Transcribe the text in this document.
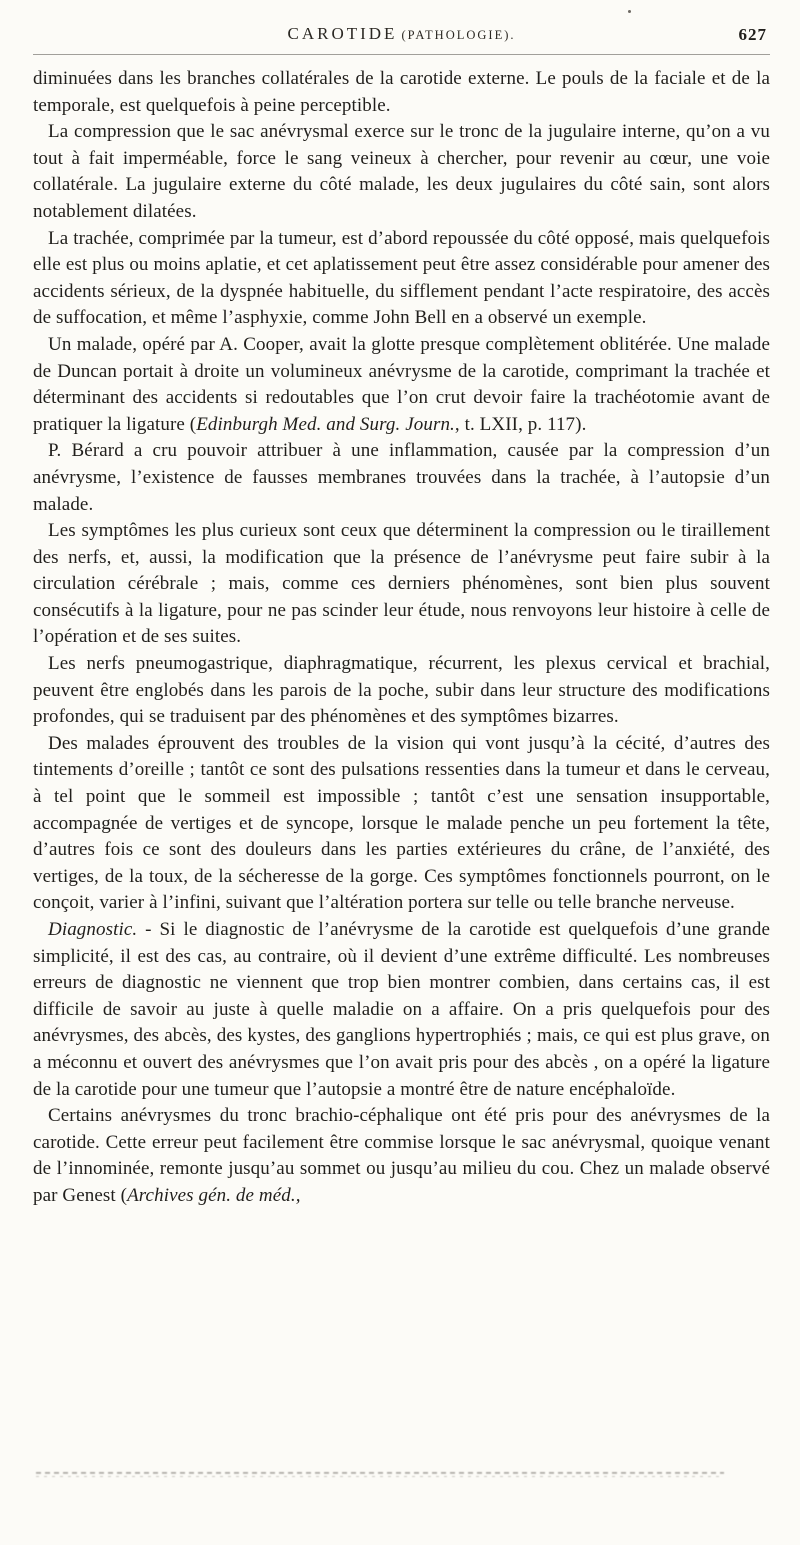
CAROTIDE (PATHOLOGIE).	627

diminuées dans les branches collatérales de la carotide externe. Le pouls de la faciale et de la temporale, est quelquefois à peine perceptible.

La compression que le sac anévrysmal exerce sur le tronc de la jugulaire interne, qu’on a vu tout à fait imperméable, force le sang veineux à chercher, pour revenir au cœur, une voie collatérale. La jugulaire externe du côté malade, les deux jugulaires du côté sain, sont alors notablement dilatées.

La trachée, comprimée par la tumeur, est d’abord repoussée du côté opposé, mais quelquefois elle est plus ou moins aplatie, et cet aplatissement peut être assez considérable pour amener des accidents sérieux, de la dyspnée habituelle, du sifflement pendant l’acte respiratoire, des accès de suffocation, et même l’asphyxie, comme John Bell en a observé un exemple.

Un malade, opéré par A. Cooper, avait la glotte presque complètement oblitérée. Une malade de Duncan portait à droite un volumineux anévrysme de la carotide, comprimant la trachée et déterminant des accidents si redoutables que l’on crut devoir faire la trachéotomie avant de pratiquer la ligature (Edinburgh Med. and Surg. Journ., t. LXII, p. 117).

P. Bérard a cru pouvoir attribuer à une inflammation, causée par la compression d’un anévrysme, l’existence de fausses membranes trouvées dans la trachée, à l’autopsie d’un malade.

Les symptômes les plus curieux sont ceux que déterminent la compression ou le tiraillement des nerfs, et, aussi, la modification que la présence de l’anévrysme peut faire subir à la circulation cérébrale ; mais, comme ces derniers phénomènes, sont bien plus souvent consécutifs à la ligature, pour ne pas scinder leur étude, nous renvoyons leur histoire à celle de l’opération et de ses suites.

Les nerfs pneumogastrique, diaphragmatique, récurrent, les plexus cervical et brachial, peuvent être englobés dans les parois de la poche, subir dans leur structure des modifications profondes, qui se traduisent par des phénomènes et des symptômes bizarres.

Des malades éprouvent des troubles de la vision qui vont jusqu’à la cécité, d’autres des tintements d’oreille ; tantôt ce sont des pulsations ressenties dans la tumeur et dans le cerveau, à tel point que le sommeil est impossible ; tantôt c’est une sensation insupportable, accompagnée de vertiges et de syncope, lorsque le malade penche un peu fortement la tête, d’autres fois ce sont des douleurs dans les parties extérieures du crâne, de l’anxiété, des vertiges, de la toux, de la sécheresse de la gorge. Ces symptômes fonctionnels pourront, on le conçoit, varier à l’infini, suivant que l’altération portera sur telle ou telle branche nerveuse.

Diagnostic. - Si le diagnostic de l’anévrysme de la carotide est quelquefois d’une grande simplicité, il est des cas, au contraire, où il devient d’une extrême difficulté. Les nombreuses erreurs de diagnostic ne viennent que trop bien montrer combien, dans certains cas, il est difficile de savoir au juste à quelle maladie on a affaire. On a pris quelquefois pour des anévrysmes, des abcès, des kystes, des ganglions hypertrophiés ; mais, ce qui est plus grave, on a méconnu et ouvert des anévrysmes que l’on avait pris pour des abcès , on a opéré la ligature de la carotide pour une tumeur que l’autopsie a montré être de nature encéphaloïde.

Certains anévrysmes du tronc brachio-céphalique ont été pris pour des anévrysmes de la carotide. Cette erreur peut facilement être commise lorsque le sac anévrysmal, quoique venant de l’innominée, remonte jusqu’au sommet ou jusqu’au milieu du cou. Chez un malade observé par Genest (Archives gén. de méd.,
